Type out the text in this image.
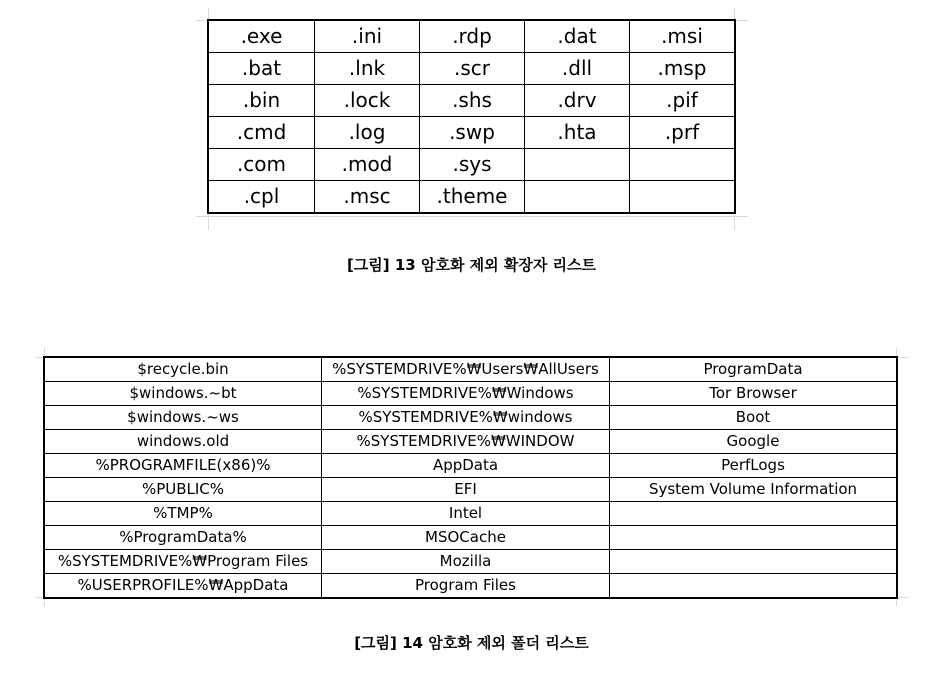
.exe	.ini	.rdp	.dat	.msi
.bat	.lnk	.scr	.dll	.msp
.bin	.lock	.shs	.drv	.pif
.cmd	.log	.swp	.hta	.prf
.com	.mod	.sys		
.cpl	.msc	.theme		
[그림] 13 암호화 제외 확장자 리스트
$recycle.bin	%SYSTEMDRIVE%₩Users₩AllUsers	ProgramData
$windows.~bt	%SYSTEMDRIVE%₩Windows	Tor Browser
$windows.~ws	%SYSTEMDRIVE%₩windows	Boot
windows.old	%SYSTEMDRIVE%₩WINDOW	Google
%PROGRAMFILE(x86)%	AppData	PerfLogs
%PUBLIC%	EFI	System Volume Information
%TMP%	Intel	
%ProgramData%	MSOCache	
%SYSTEMDRIVE%₩Program Files	Mozilla	
%USERPROFILE%₩AppData	Program Files	
[그림] 14 암호화 제외 폴더 리스트
